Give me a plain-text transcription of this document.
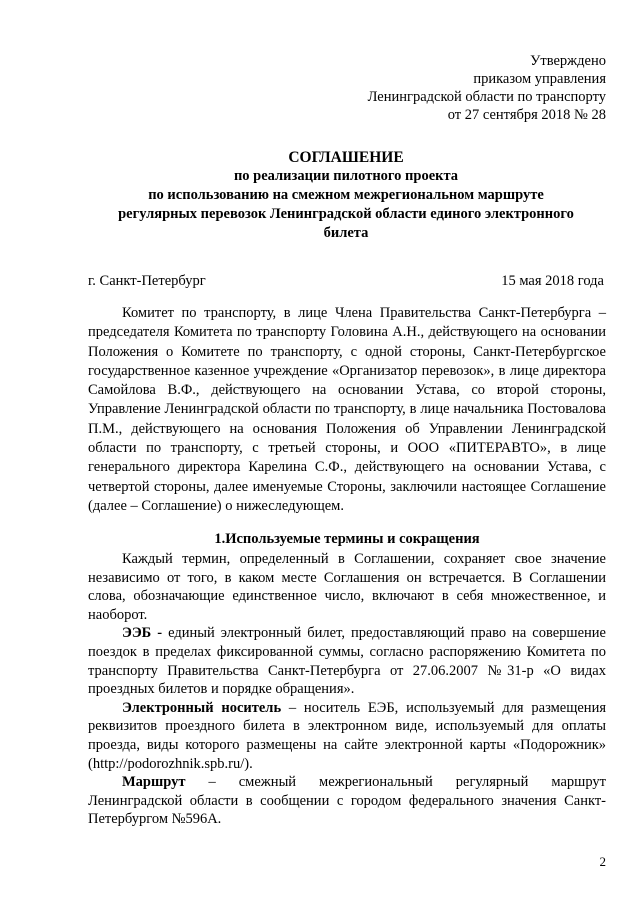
Утверждено
приказом управления
Ленинградской области по транспорту
от 27 сентября 2018 № 28
СОГЛАШЕНИЕ
по реализации пилотного проекта
по использованию на смежном межрегиональном маршруте
регулярных перевозок Ленинградской области единого электронного
билета
г. Санкт-Петербург	15 мая 2018 года

Комитет по транспорту, в лице Члена Правительства Санкт-Петербурга – председателя Комитета по транспорту Головина А.Н., действующего на основании Положения о Комитете по транспорту, с одной стороны, Санкт-Петербургское государственное казенное учреждение «Организатор перевозок», в лице директора Самойлова В.Ф., действующего на основании Устава, со второй стороны, Управление Ленинградской области по транспорту, в лице начальника Постовалова П.М., действующего на основания Положения об Управлении Ленинградской области по транспорту, с третьей стороны, и ООО «ПИТЕРАВТО», в лице генерального директора Карелина С.Ф., действующего на основании Устава, с четвертой стороны, далее именуемые Стороны, заключили настоящее Соглашение (далее – Соглашение) о нижеследующем.

1.Используемые термины и сокращения

Каждый термин, определенный в Соглашении, сохраняет свое значение независимо от того, в каком месте Соглашения он встречается. В Соглашении слова, обозначающие единственное число, включают в себя множественное, и наоборот.

ЭЭБ - единый электронный билет, предоставляющий право на совершение поездок в пределах фиксированной суммы, согласно распоряжению Комитета по транспорту Правительства Санкт-Петербурга от 27.06.2007 №31-р «О видах проездных билетов и порядке обращения».

Электронный носитель – носитель ЕЭБ, используемый для размещения реквизитов проездного билета в электронном виде, используемый для оплаты проезда, виды которого размещены на сайте электронной карты «Подорожник» (http://podorozhnik.spb.ru/).

Маршрут – смежный межрегиональный регулярный маршрут Ленинградской области в сообщении с городом федерального значения Санкт-Петербургом №596А.

2
